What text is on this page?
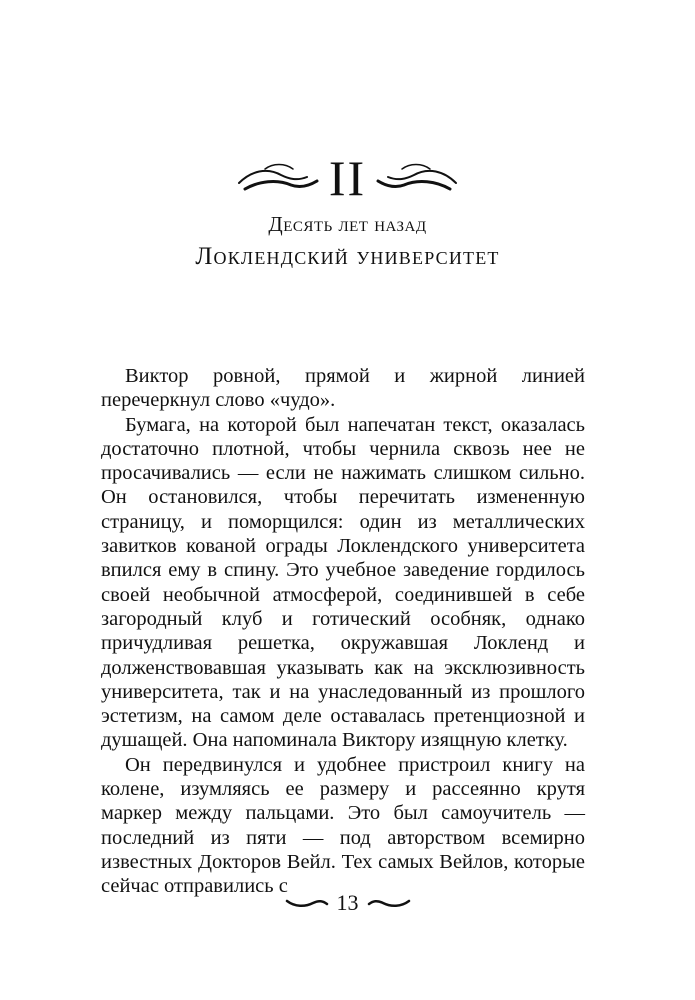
II
Десять лет назад
Локлендский университет

Виктор ровной, прямой и жирной линией перечеркнул слово «чудо».

Бумага, на которой был напечатан текст, оказалась достаточно плотной, чтобы чернила сквозь нее не просачивались — если не нажимать слишком сильно. Он остановился, чтобы перечитать измененную страницу, и поморщился: один из металлических завитков кованой ограды Локлендского университета впился ему в спину. Это учебное заведение гордилось своей необычной атмосферой, соединившей в себе загородный клуб и готический особняк, однако причудливая решетка, окружавшая Локленд и долженствовавшая указывать как на эксклюзивность университета, так и на унаследованный из прошлого эстетизм, на самом деле оставалась претенциозной и душащей. Она напоминала Виктору изящную клетку.

Он передвинулся и удобнее пристроил книгу на колене, изумляясь ее размеру и рассеянно крутя маркер между пальцами. Это был самоучитель — последний из пяти — под авторством всемирно известных Докторов Вейл. Тех самых Вейлов, которые сейчас отправились с

13
